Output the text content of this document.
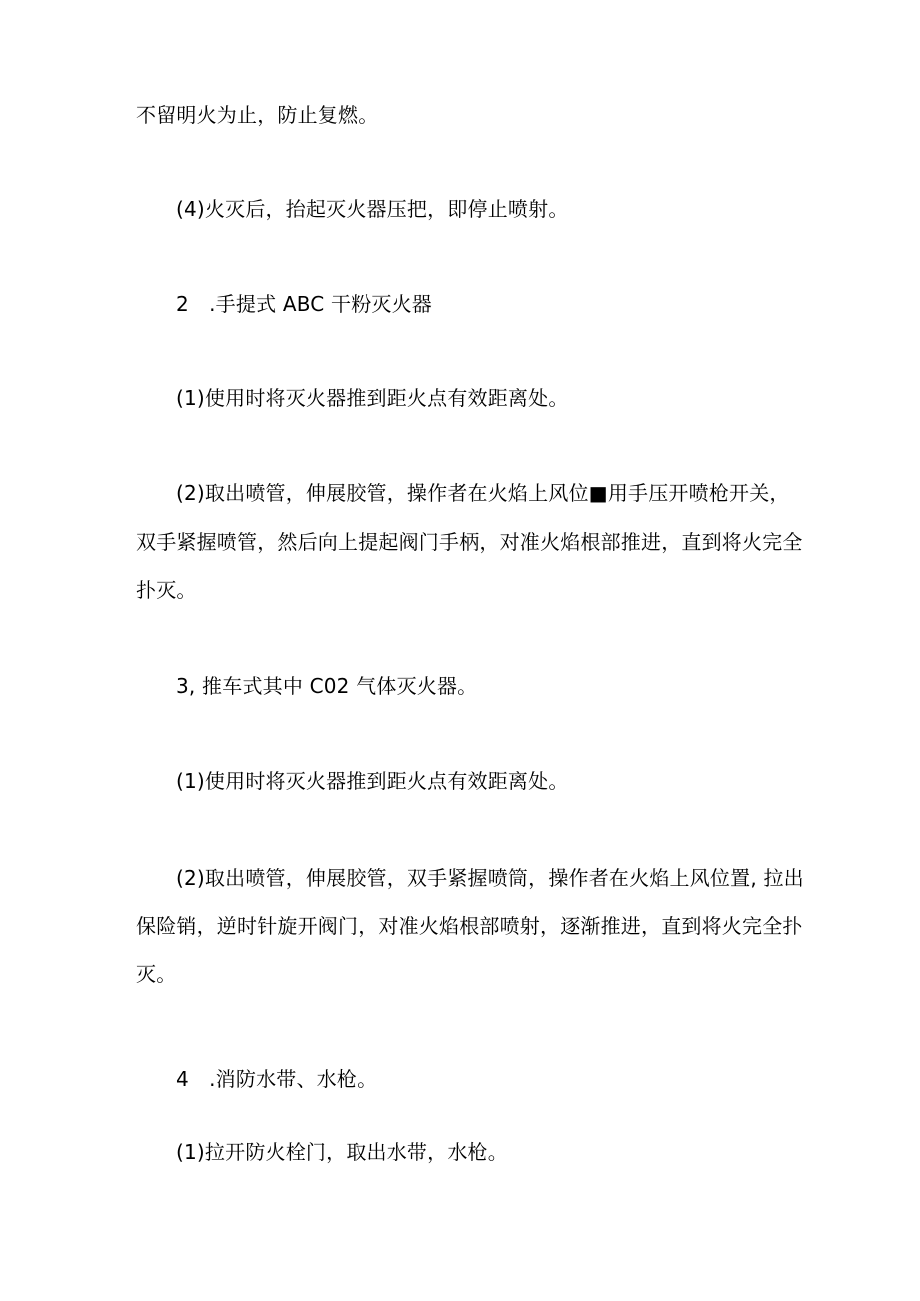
不留明火为止，防止复燃。
(4)火灭后，抬起灭火器压把，即停止喷射。
2 .手提式 ABC 干粉灭火器
(1)使用时将灭火器推到距火点有效距离处。
(2)取出喷管，伸展胶管，操作者在火焰上风位■用手压开喷枪开关，
双手紧握喷管，然后向上提起阀门手柄，对准火焰根部推进，直到将火完全
扑灭。
3, 推车式其中 C02 气体灭火器。
(1)使用时将灭火器推到距火点有效距离处。
(2)取出喷管，伸展胶管，双手紧握喷筒，操作者在火焰上风位置, 拉出
保险销，逆时针旋开阀门，对准火焰根部喷射，逐渐推进，直到将火完全扑
灭。
4 .消防水带、水枪。
(1)拉开防火栓门，取出水带，水枪。
